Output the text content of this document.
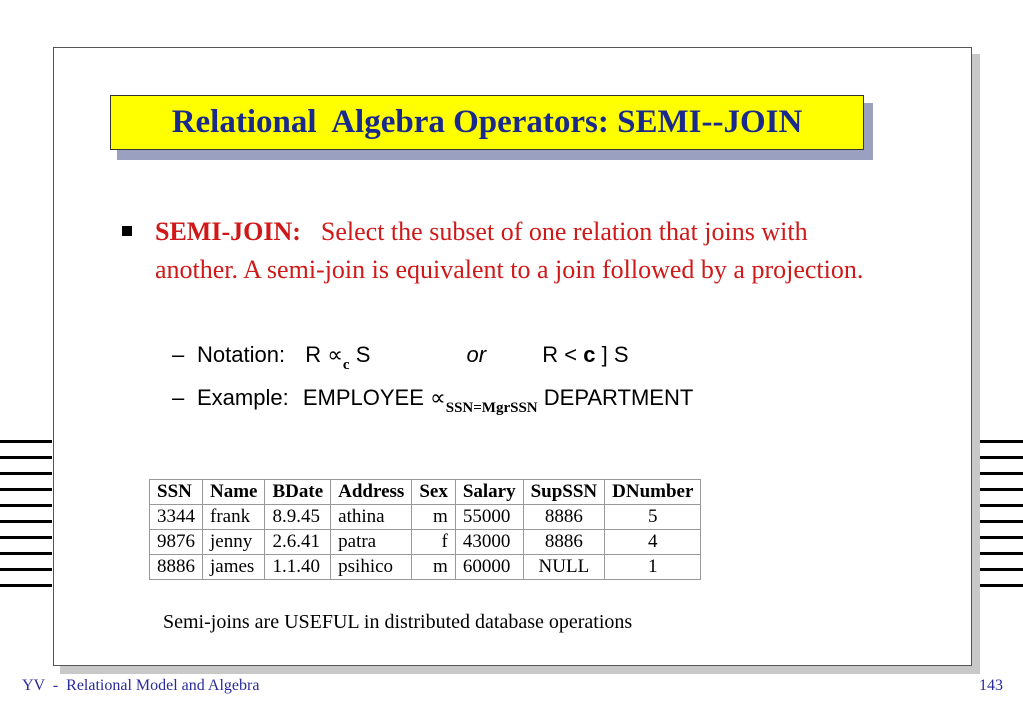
Relational  Algebra Operators: SEMI--JOIN
SEMI-JOIN: Select the subset of one relation that joins with another. A semi-join is equivalent to a join followed by a projection.
– Notation: $R \propto_c$ S	or	R < c ] S
– Example: EMPLOYEE $\propto_{SSN=MgrSSN}$ DEPARTMENT
SSN	Name	BDate	Address	Sex	Salary	SupSSN	DNumber
3344	frank	8.9.45	athina	m	55000	8886	5
9876	jenny	2.6.41	patra	f	43000	8886	4
8886	james	1.1.40	psihico	m	60000	NULL	1
Semi-joins are USEFUL in distributed database operations
YV  -  Relational Model and Algebra	143
